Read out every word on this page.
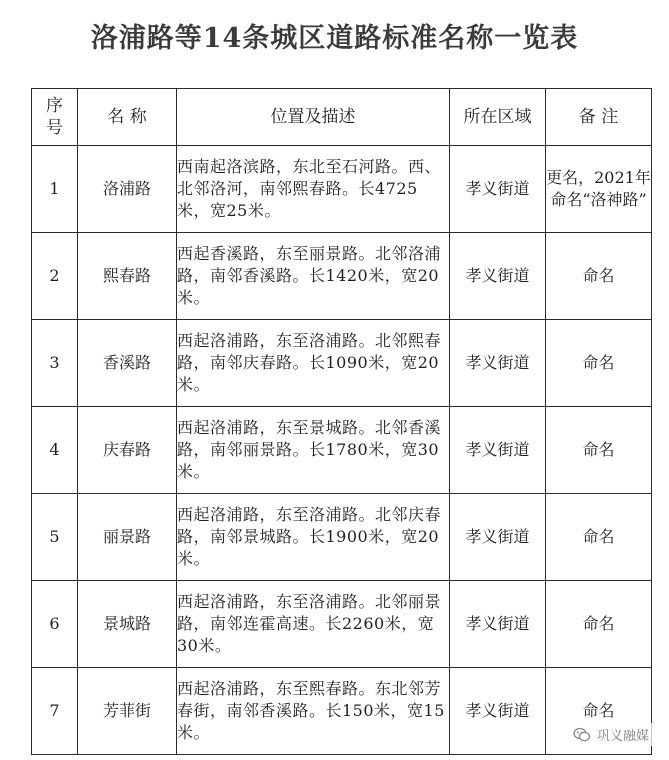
洛浦路等14条城区道路标准名称一览表
序号	名 称	位置及描述	所在区域	备 注
1	洛浦路	西南起洛滨路，东北至石河路。西、北邻洛河，南邻熙春路。长4725米，宽25米。	孝义街道	更名，2021年命名“洛神路”
2	熙春路	西起香溪路，东至丽景路。北邻洛浦路，南邻香溪路。长1420米，宽20米。	孝义街道	命名
3	香溪路	西起洛浦路，东至洛浦路。北邻熙春路，南邻庆春路。长1090米，宽20米。	孝义街道	命名
4	庆春路	西起洛浦路，东至景城路。北邻香溪路，南邻丽景路。长1780米，宽30米。	孝义街道	命名
5	丽景路	西起洛浦路，东至洛浦路。北邻庆春路，南邻景城路。长1900米，宽20米。	孝义街道	命名
6	景城路	西起洛浦路，东至洛浦路。北邻丽景路，南邻连霍高速。长2260米，宽30米。	孝义街道	命名
7	芳菲街	西起洛浦路，东至熙春路。东北邻芳春街，南邻香溪路。长150米，宽15米。	孝义街道	命名
巩义融媒
